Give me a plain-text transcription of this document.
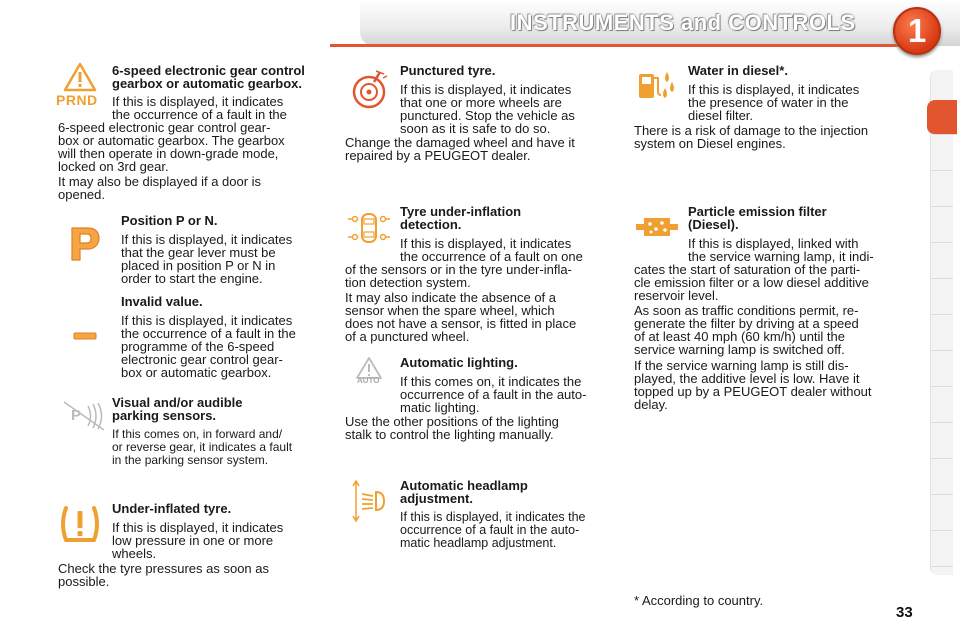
INSTRUMENTS and CONTROLS	1
PRND
6-speed electronic gear control
gearbox or automatic gearbox.
If this is displayed, it indicates
the occurrence of a fault in the
6-speed electronic gear control gear-
box or automatic gearbox. The gearbox
will then operate in down-grade mode,
locked on 3rd gear.
It may also be displayed if a door is
opened.
Position P or N.
If this is displayed, it indicates
that the gear lever must be
placed in position P or N in
order to start the engine.
Invalid value.
If this is displayed, it indicates
the occurrence of a fault in the
programme of the 6-speed
electronic gear control gear-
box or automatic gearbox.
P
Visual and/or audible
parking sensors.
If this comes on, in forward and/
or reverse gear, it indicates a fault
in the parking sensor system.
Under-inflated tyre.
If this is displayed, it indicates
low pressure in one or more
wheels.
Check the tyre pressures as soon as
possible.
Punctured tyre.
If this is displayed, it indicates
that one or more wheels are
punctured. Stop the vehicle as
soon as it is safe to do so.
Change the damaged wheel and have it
repaired by a PEUGEOT dealer.
Tyre under-inflation
detection.
If this is displayed, it indicates
the occurrence of a fault on one
of the sensors or in the tyre under-infla-
tion detection system.
It may also indicate the absence of a
sensor when the spare wheel, which
does not have a sensor, is fitted in place
of a punctured wheel.
AUTO
Automatic lighting.
If this comes on, it indicates the
occurrence of a fault in the auto-
matic lighting.
Use the other positions of the lighting
stalk to control the lighting manually.
Automatic headlamp
adjustment.
If this is displayed, it indicates the
occurrence of a fault in the auto-
matic headlamp adjustment.
Water in diesel*.
If this is displayed, it indicates
the presence of water in the
diesel filter.
There is a risk of damage to the injection
system on Diesel engines.
Particle emission filter
(Diesel).
If this is displayed, linked with
the service warning lamp, it indi-
cates the start of saturation of the parti-
cle emission filter or a low diesel additive
reservoir level.
As soon as traffic conditions permit, re-
generate the filter by driving at a speed
of at least 40 mph (60 km/h) until the
service warning lamp is switched off.
If the service warning lamp is still dis-
played, the additive level is low. Have it
topped up by a PEUGEOT dealer without
delay.
* According to country.
33
